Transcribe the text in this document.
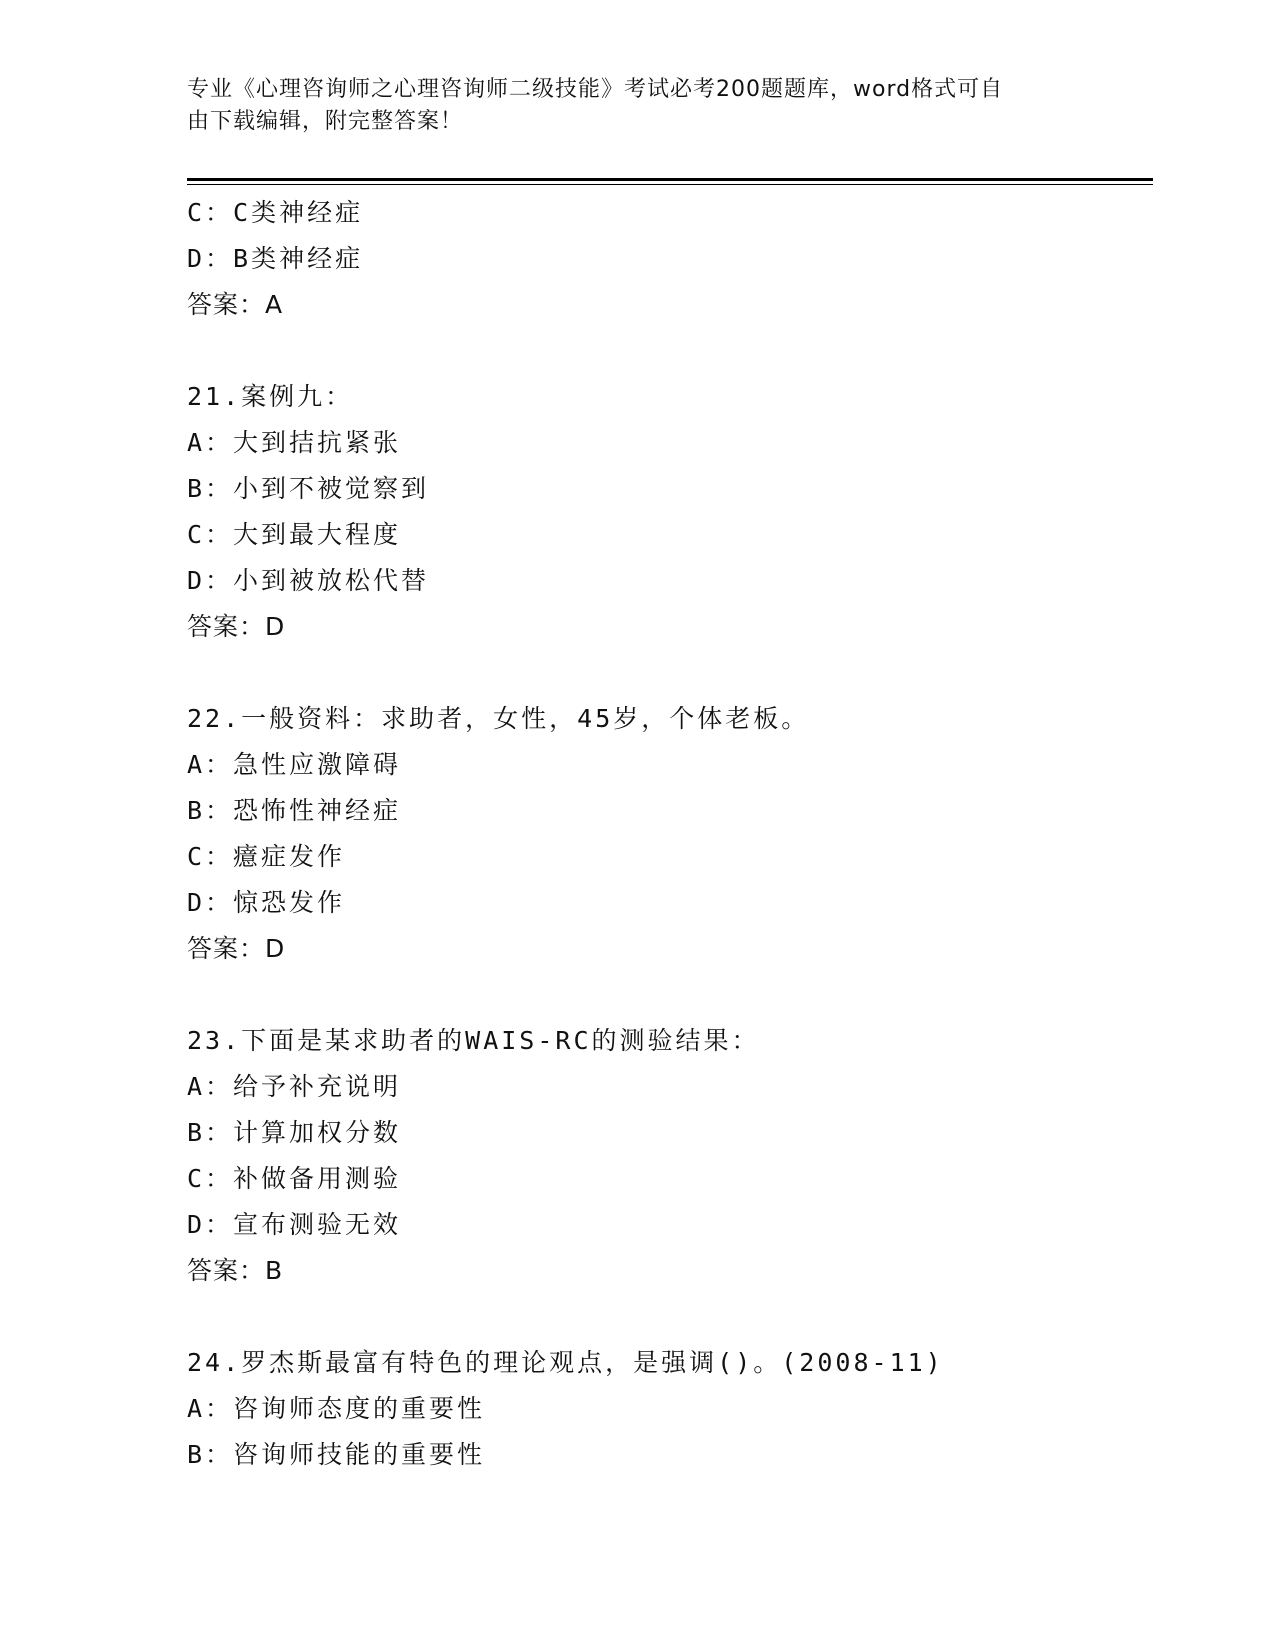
专业《心理咨询师之心理咨询师二级技能》考试必考200题题库，word格式可自
由下载编辑，附完整答案！
C：C类神经症
D：B类神经症
答案：A
21.案例九：
A：大到拮抗紧张
B：小到不被觉察到
C：大到最大程度
D：小到被放松代替
答案：D
22.一般资料：求助者，女性，45岁，个体老板。
A：急性应激障碍
B：恐怖性神经症
C：癔症发作
D：惊恐发作
答案：D
23.下面是某求助者的WAIS-RC的测验结果：
A：给予补充说明
B：计算加权分数
C：补做备用测验
D：宣布测验无效
答案：B
24.罗杰斯最富有特色的理论观点，是强调()。(2008-11)
A：咨询师态度的重要性
B：咨询师技能的重要性
